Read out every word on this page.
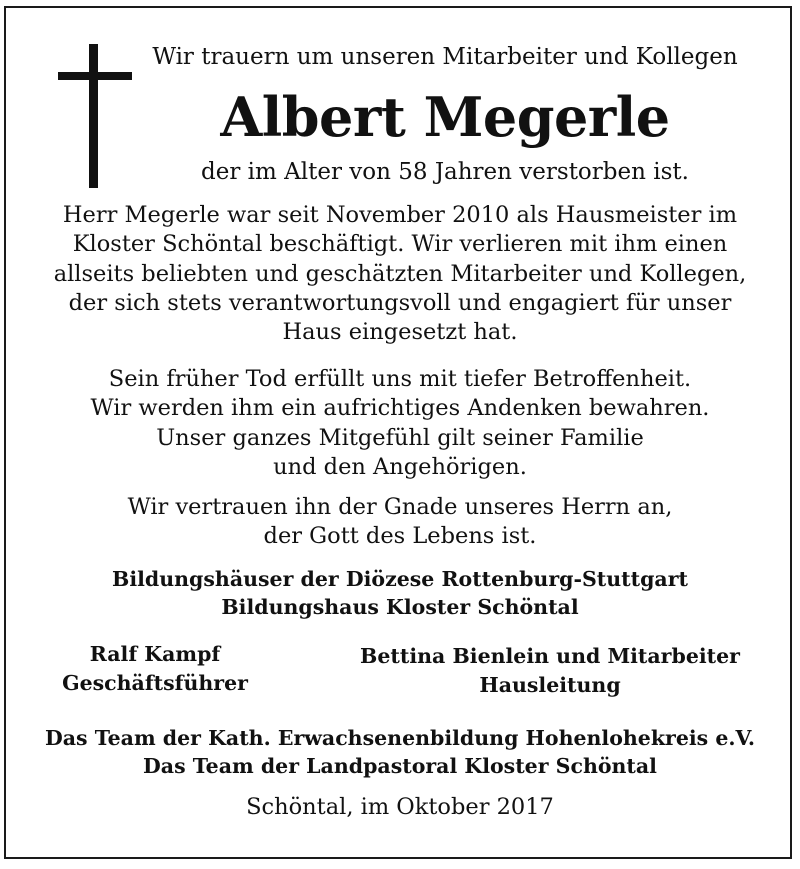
Wir trauern um unseren Mitarbeiter und Kollegen
Albert Megerle
der im Alter von 58 Jahren verstorben ist.
Herr Megerle war seit November 2010 als Hausmeister im
Kloster Schöntal beschäftigt. Wir verlieren mit ihm einen
allseits beliebten und geschätzten Mitarbeiter und Kollegen,
der sich stets verantwortungsvoll und engagiert für unser
Haus eingesetzt hat.
Sein früher Tod erfüllt uns mit tiefer Betroffenheit.
Wir werden ihm ein aufrichtiges Andenken bewahren.
Unser ganzes Mitgefühl gilt seiner Familie
und den Angehörigen.
Wir vertrauen ihn der Gnade unseres Herrn an,
der Gott des Lebens ist.
Bildungshäuser der Diözese Rottenburg-Stuttgart
Bildungshaus Kloster Schöntal
Ralf Kampf
Geschäftsführer
Bettina Bienlein und Mitarbeiter
Hausleitung
Das Team der Kath. Erwachsenenbildung Hohenlohekreis e.V.
Das Team der Landpastoral Kloster Schöntal
Schöntal, im Oktober 2017
